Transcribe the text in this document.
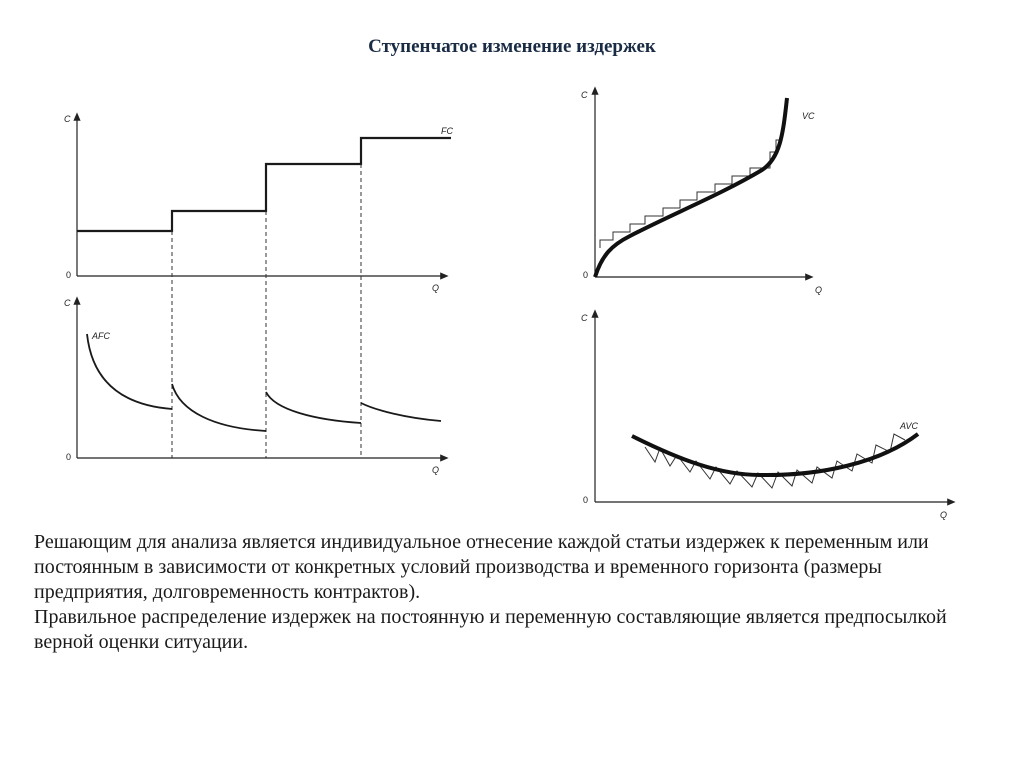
C
Q
0
FC
C
Q
0
AFC
C
Q
0
VC
C
Q
0
AVC
Ступенчатое изменение издержек

Решающим для анализа является индивидуальное отнесение каждой статьи издержек к переменным или постоянным в зависимости от конкретных условий производства и временного горизонта (размеры предприятия, долговременность контрактов).

Правильное распределение издержек на постоянную и переменную составляющие является предпосылкой верной оценки ситуации.
